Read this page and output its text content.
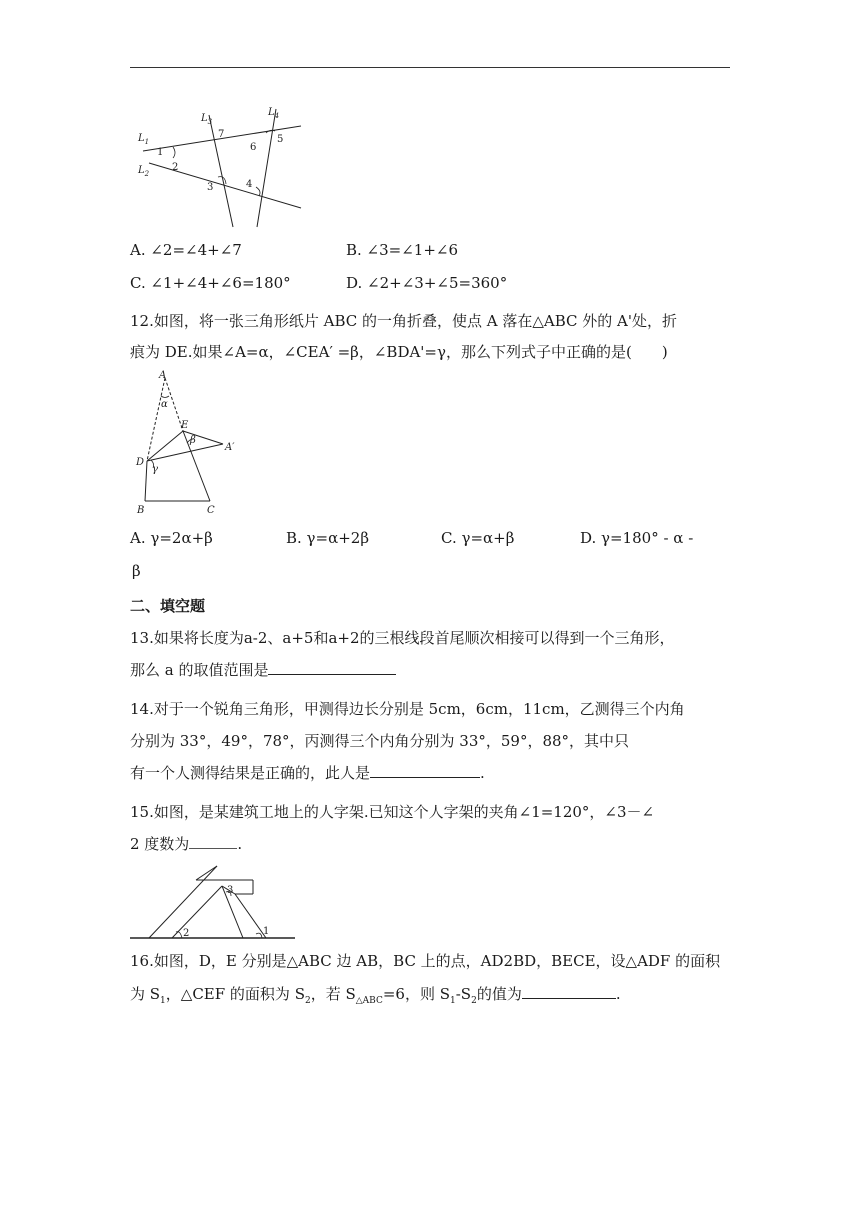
$L_1$
$L_2$
$L_3$
$L_4$
1
2
3	4
5
6
7
A. ∠2=∠4+∠7	B. ∠3=∠1+∠6
C. ∠1+∠4+∠6=180°	D. ∠2+∠3+∠5=360°
12.如图，将一张三角形纸片 ABC 的一角折叠，使点 A 落在△ABC 外的 A'处，折
痕为 DE.如果∠A=α，∠CEA′ =β，∠BDA'=γ，那么下列式子中正确的是(　　)
A
α
E
β
A′
D
γ
B	C
A. γ=2α+β	B. γ=α+2β	C. γ=α+β	D. γ=180° - α -
β
二、填空题
13.如果将长度为a-2、a+5和a+2的三根线段首尾顺次相接可以得到一个三角形，
那么 a 的取值范围是
14.对于一个锐角三角形，甲测得边长分别是 5cm，6cm，11cm，乙测得三个内角
分别为 33°，49°，78°，丙测得三个内角分别为 33°，59°，88°，其中只
有一个人测得结果是正确的，此人是	.
15.如图，是某建筑工地上的人字架.已知这个人字架的夹角∠1=120°，∠3－∠
2 度数为	.
2
3
1
16.如图，D，E 分别是△ABC 边 AB，BC 上的点，AD2BD，BECE，设△ADF 的面积
为 $S_1$，△CEF 的面积为 $S_2$，若 $S_{\triangle ABC}=6$，则 $S_1-S_2$的值为	.
